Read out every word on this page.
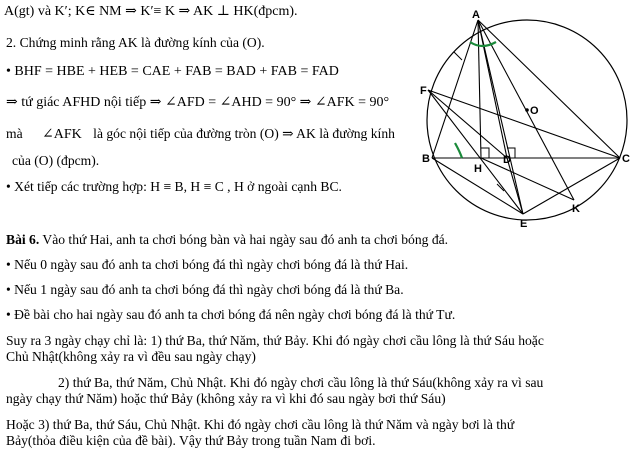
A(gt) và K′; K∈ NM ⇒ K′≡ K ⇒ AK ⊥ HK(đpcm).
2. Chứng minh rằng AK là đường kính của (O).
• BHF = HBE + HEB = CAE + FAB = BAD + FAB = FAD
⇒ tứ giác AFHD nội tiếp ⇒ ∠AFD = ∠AHD = 90° ⇒ ∠AFK = 90°
mà ∠AFK là góc nội tiếp của đường tròn (O) ⇒ AK là đường kính
của (O) (đpcm).
• Xét tiếp các trường hợp: H ≡ B, H ≡ C , H ở ngoài cạnh BC.
A
O
F
B
H
D	C
E
K
Bài 6. Vào thứ Hai, anh ta chơi bóng bàn và hai ngày sau đó anh ta chơi bóng đá.
• Nếu 0 ngày sau đó anh ta chơi bóng đá thì ngày chơi bóng đá là thứ Hai.
• Nếu 1 ngày sau đó anh ta chơi bóng đá thì ngày chơi bóng đá là thứ Ba.
• Đề bài cho hai ngày sau đó anh ta chơi bóng đá nên ngày chơi bóng đá là thứ Tư.
Suy ra 3 ngày chạy chỉ là: 1) thứ Ba, thứ Năm, thứ Bảy. Khi đó ngày chơi cầu lông là thứ Sáu hoặc
Chủ Nhật(không xảy ra vì đều sau ngày chạy)
2) thứ Ba, thứ Năm, Chủ Nhật. Khi đó ngày chơi cầu lông là thứ Sáu(không xảy ra vì sau
ngày chạy thứ Năm) hoặc thứ Bảy (không xảy ra vì khi đó sau ngày bơi thứ Sáu)
Hoặc 3) thứ Ba, thứ Sáu, Chủ Nhật. Khi đó ngày chơi cầu lông là thứ Năm và ngày bơi là thứ
Bảy(thỏa điều kiện của đề bài). Vậy thứ Bảy trong tuần Nam đi bơi.
